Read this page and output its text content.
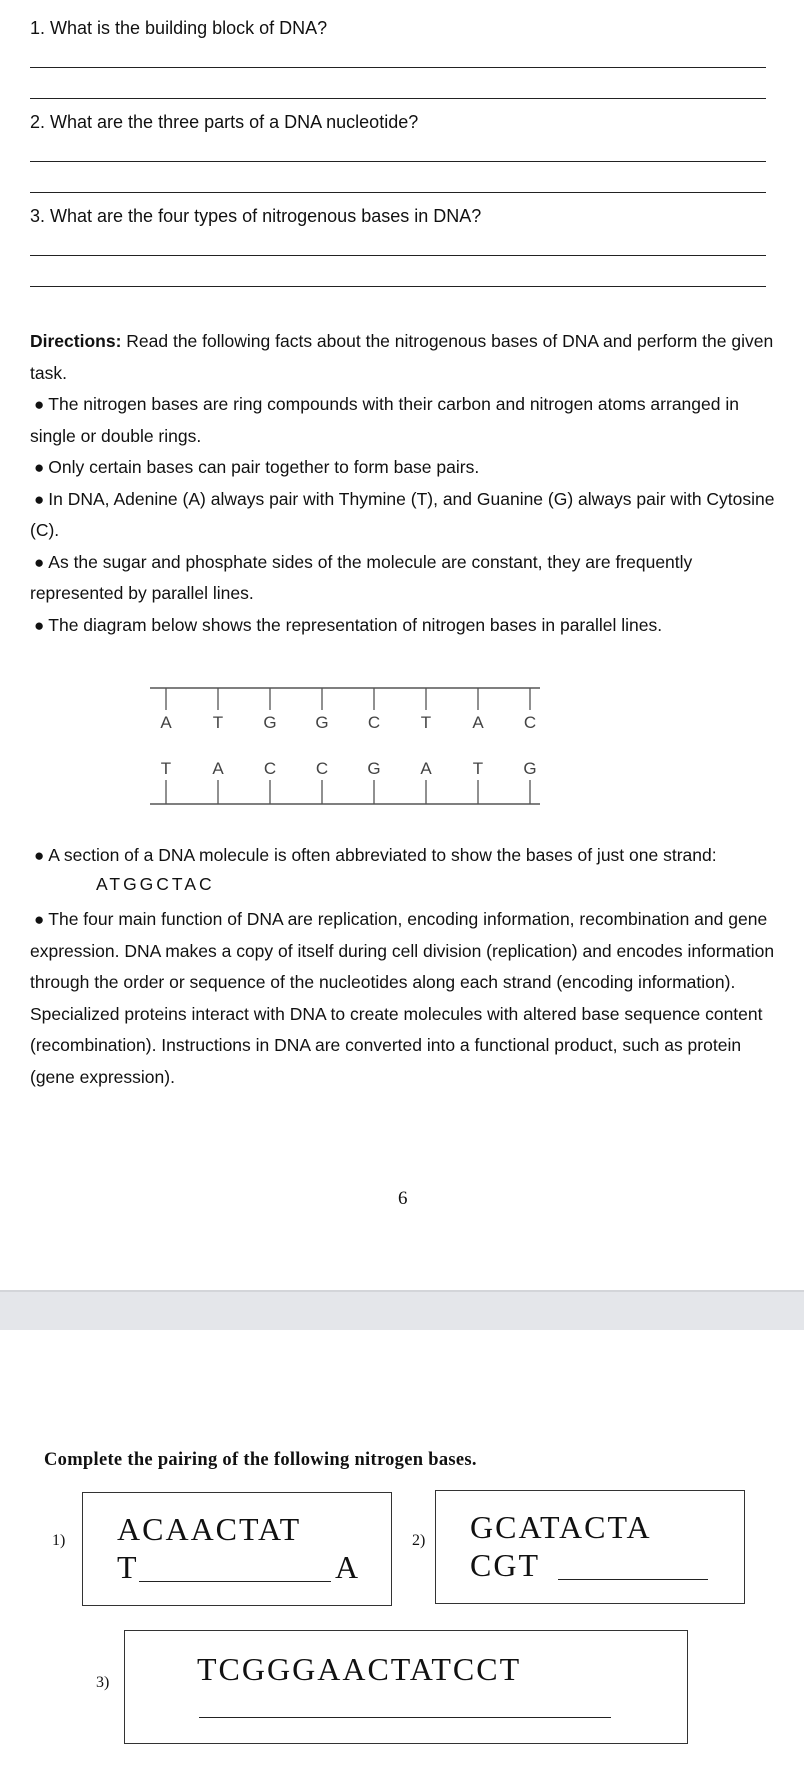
1. What is the building block of DNA?
2. What are the three parts of a DNA nucleotide?
3. What are the four types of nitrogenous bases in DNA?
Directions: Read the following facts about the nitrogenous bases of DNA and perform the given task.
● The nitrogen bases are ring compounds with their carbon and nitrogen atoms arranged in single or double rings.
● Only certain bases can pair together to form base pairs.
● In DNA, Adenine (A) always pair with Thymine (T), and Guanine (G) always pair with Cytosine (C).
● As the sugar and phosphate sides of the molecule are constant, they are frequently represented by parallel lines.
● The diagram below shows the representation of nitrogen bases in parallel lines.
A
T
T
A
G
C
G
C
C
G
T
A
A
T
C
G
● A section of a DNA molecule is often abbreviated to show the bases of just one strand:
ATGGCTAC
● The four main function of DNA are replication, encoding information, recombination and gene expression. DNA makes a copy of itself during cell division (replication) and encodes information through the order or sequence of the nucleotides along each strand (encoding information). Specialized proteins interact with DNA to create molecules with altered base sequence content (recombination). Instructions in DNA are converted into a functional product, such as protein (gene expression).
6
Complete the pairing of the following nitrogen bases.
1) ACAACTAT
T	A
2) GCATACTA
CGT
3)	TCGGGAACTATCCT
